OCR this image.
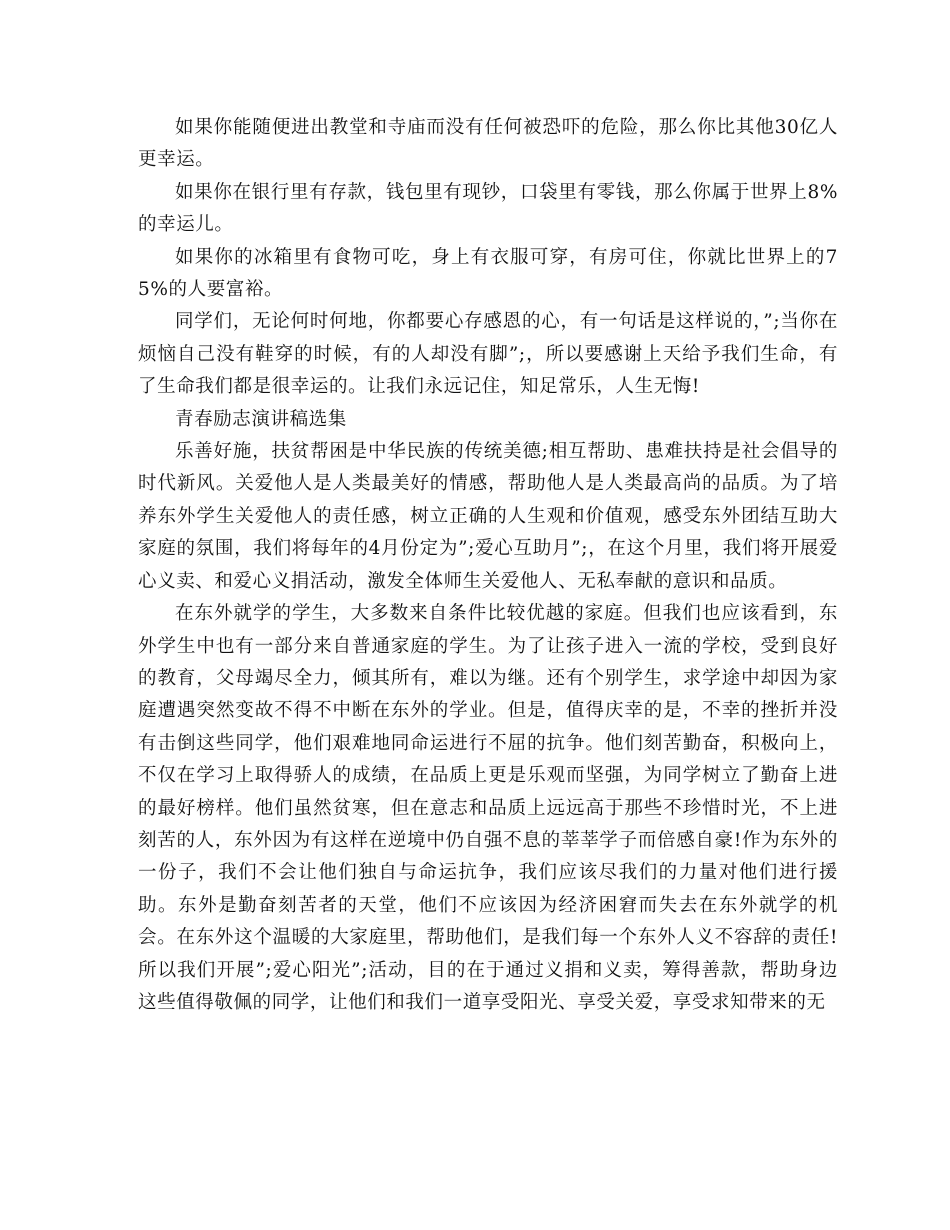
如果你能随便进出教堂和寺庙而没有任何被恐吓的危险，那么你比其他30亿人更幸运。

如果你在银行里有存款，钱包里有现钞，口袋里有零钱，那么你属于世界上8%的幸运儿。

如果你的冰箱里有食物可吃，身上有衣服可穿，有房可住，你就比世界上的75%的人要富裕。

同学们，无论何时何地，你都要心存感恩的心，有一句话是这样说的，”;当你在烦恼自己没有鞋穿的时候，有的人却没有脚”;，所以要感谢上天给予我们生命，有了生命我们都是很幸运的。让我们永远记住，知足常乐，人生无悔!

青春励志演讲稿选集

乐善好施，扶贫帮困是中华民族的传统美德;相互帮助、患难扶持是社会倡导的时代新风。关爱他人是人类最美好的情感，帮助他人是人类最高尚的品质。为了培养东外学生关爱他人的责任感，树立正确的人生观和价值观，感受东外团结互助大家庭的氛围，我们将每年的4月份定为”;爱心互助月”;，在这个月里，我们将开展爱心义卖、和爱心义捐活动，激发全体师生关爱他人、无私奉献的意识和品质。

在东外就学的学生，大多数来自条件比较优越的家庭。但我们也应该看到，东外学生中也有一部分来自普通家庭的学生。为了让孩子进入一流的学校，受到良好的教育，父母竭尽全力，倾其所有，难以为继。还有个别学生，求学途中却因为家庭遭遇突然变故不得不中断在东外的学业。但是，值得庆幸的是，不幸的挫折并没有击倒这些同学，他们艰难地同命运进行不屈的抗争。他们刻苦勤奋，积极向上，不仅在学习上取得骄人的成绩，在品质上更是乐观而坚强，为同学树立了勤奋上进的最好榜样。他们虽然贫寒，但在意志和品质上远远高于那些不珍惜时光，不上进刻苦的人，东外因为有这样在逆境中仍自强不息的莘莘学子而倍感自豪!作为东外的一份子，我们不会让他们独自与命运抗争，我们应该尽我们的力量对他们进行援助。东外是勤奋刻苦者的天堂，他们不应该因为经济困窘而失去在东外就学的机会。在东外这个温暖的大家庭里，帮助他们，是我们每一个东外人义不容辞的责任!所以我们开展”;爱心阳光”;活动，目的在于通过义捐和义卖，筹得善款，帮助身边这些值得敬佩的同学，让他们和我们一道享受阳光、享受关爱，享受求知带来的无
